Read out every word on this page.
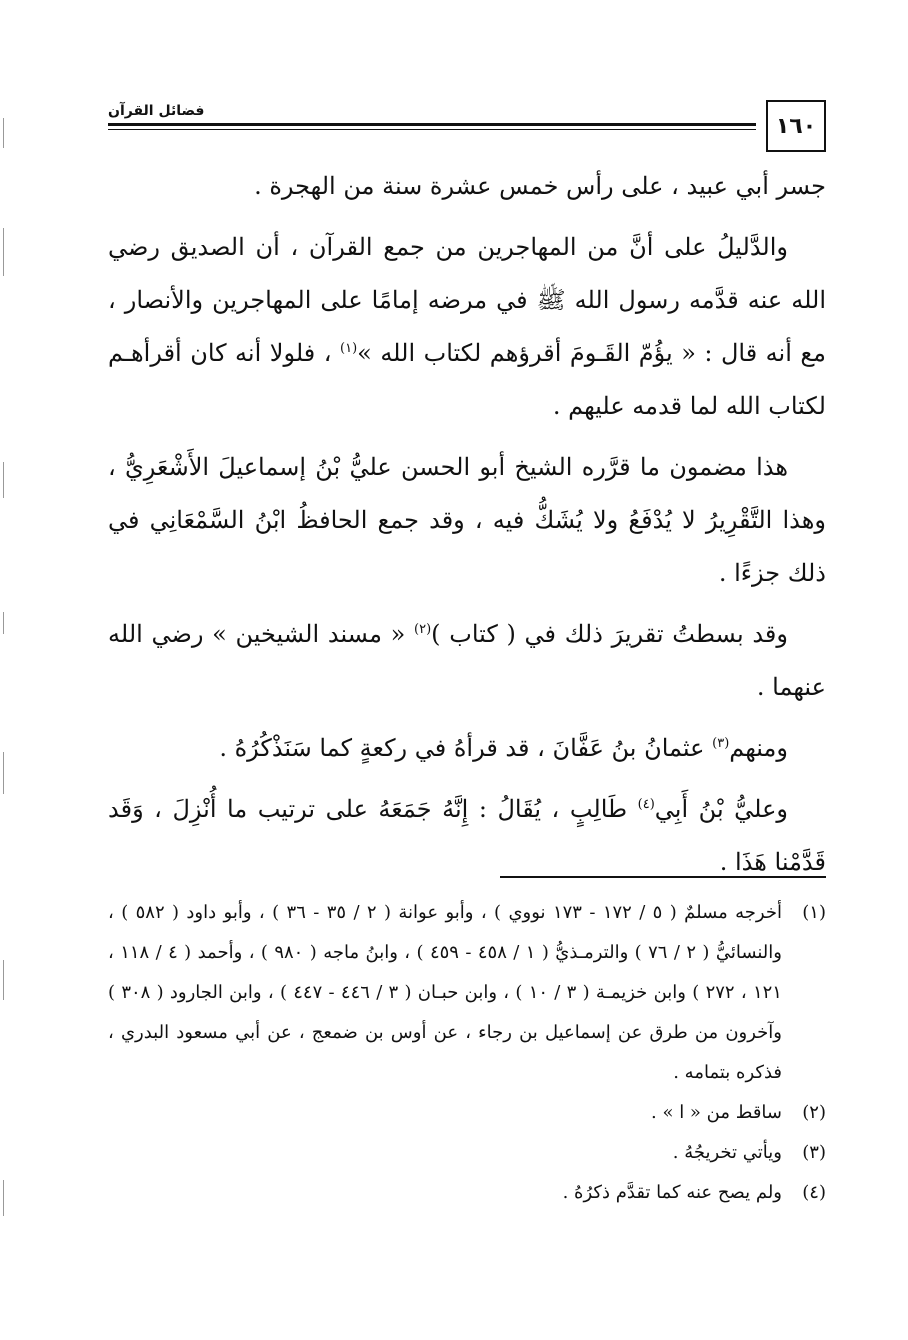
١٦٠
فضائل القرآن

جسر أبي عبيد ، على رأس خمس عشرة سنة من الهجرة .

والدَّليلُ على أنَّ من المهاجرين من جمع القرآن ، أن الصديق رضي الله عنه قدَّمه رسول الله ﷺ في مرضه إمامًا على المهاجرين والأنصار ، مع أنه قال : « يؤُمّ القَـومَ أقرؤهم لكتاب الله »$^{(١)}$ ، فلولا أنه كان أقرأهـم لكتاب الله لما قدمه عليهم .

هذا مضمون ما قرَّره الشيخ أبو الحسن عليُّ بْنُ إسماعيلَ الأَشْعَرِيُّ ، وهذا التَّقْرِيرُ لا يُدْفَعُ ولا يُشَكُّ فيه ، وقد جمع الحافظُ ابْنُ السَّمْعَانِي في ذلك جزءًا .

وقد بسطتُ تقريرَ ذلك في ( كتاب )$^{(٢)}$ « مسند الشيخين » رضي الله عنهما .

ومنهم$^{(٣)}$ عثمانُ بنُ عَفَّانَ ، قد قرأهُ في ركعةٍ كما سَنَذْكُرُهُ .

وعليُّ بْنُ أَبِي$^{(٤)}$ طَالِبٍ ، يُقَالُ : إِنَّهُ جَمَعَهُ على ترتيب ما أُنْزِلَ ، وَقَد قَدَّمْنا هَذَا .

(١)
أخرجه مسلمٌ ( ٥ / ١٧٢ - ١٧٣ نووي ) ، وأبو عوانة ( ٢ / ٣٥ - ٣٦ ) ، وأبو داود ( ٥٨٢ ) ، والنسائيُّ ( ٢ / ٧٦ ) والترمـذيُّ ( ١ / ٤٥٨ - ٤٥٩ ) ، وابنُ ماجه ( ٩٨٠ ) ، وأحمد ( ٤ / ١١٨ ، ١٢١ ، ٢٧٢ ) وابن خزيمـة ( ٣ / ١٠ ) ، وابن حبـان ( ٣ / ٤٤٦ - ٤٤٧ ) ، وابن الجارود ( ٣٠٨ ) وآخرون من طرق عن إسماعيل بن رجاء ، عن أوس بن ضمعج ، عن أبي مسعود البدري ، فذكره بتمامه .
(٢)
ساقط من « ا » .
(٣)
ويأتي تخريجُهُ .
(٤)
ولم يصح عنه كما تقدَّم ذكرُهُ .
